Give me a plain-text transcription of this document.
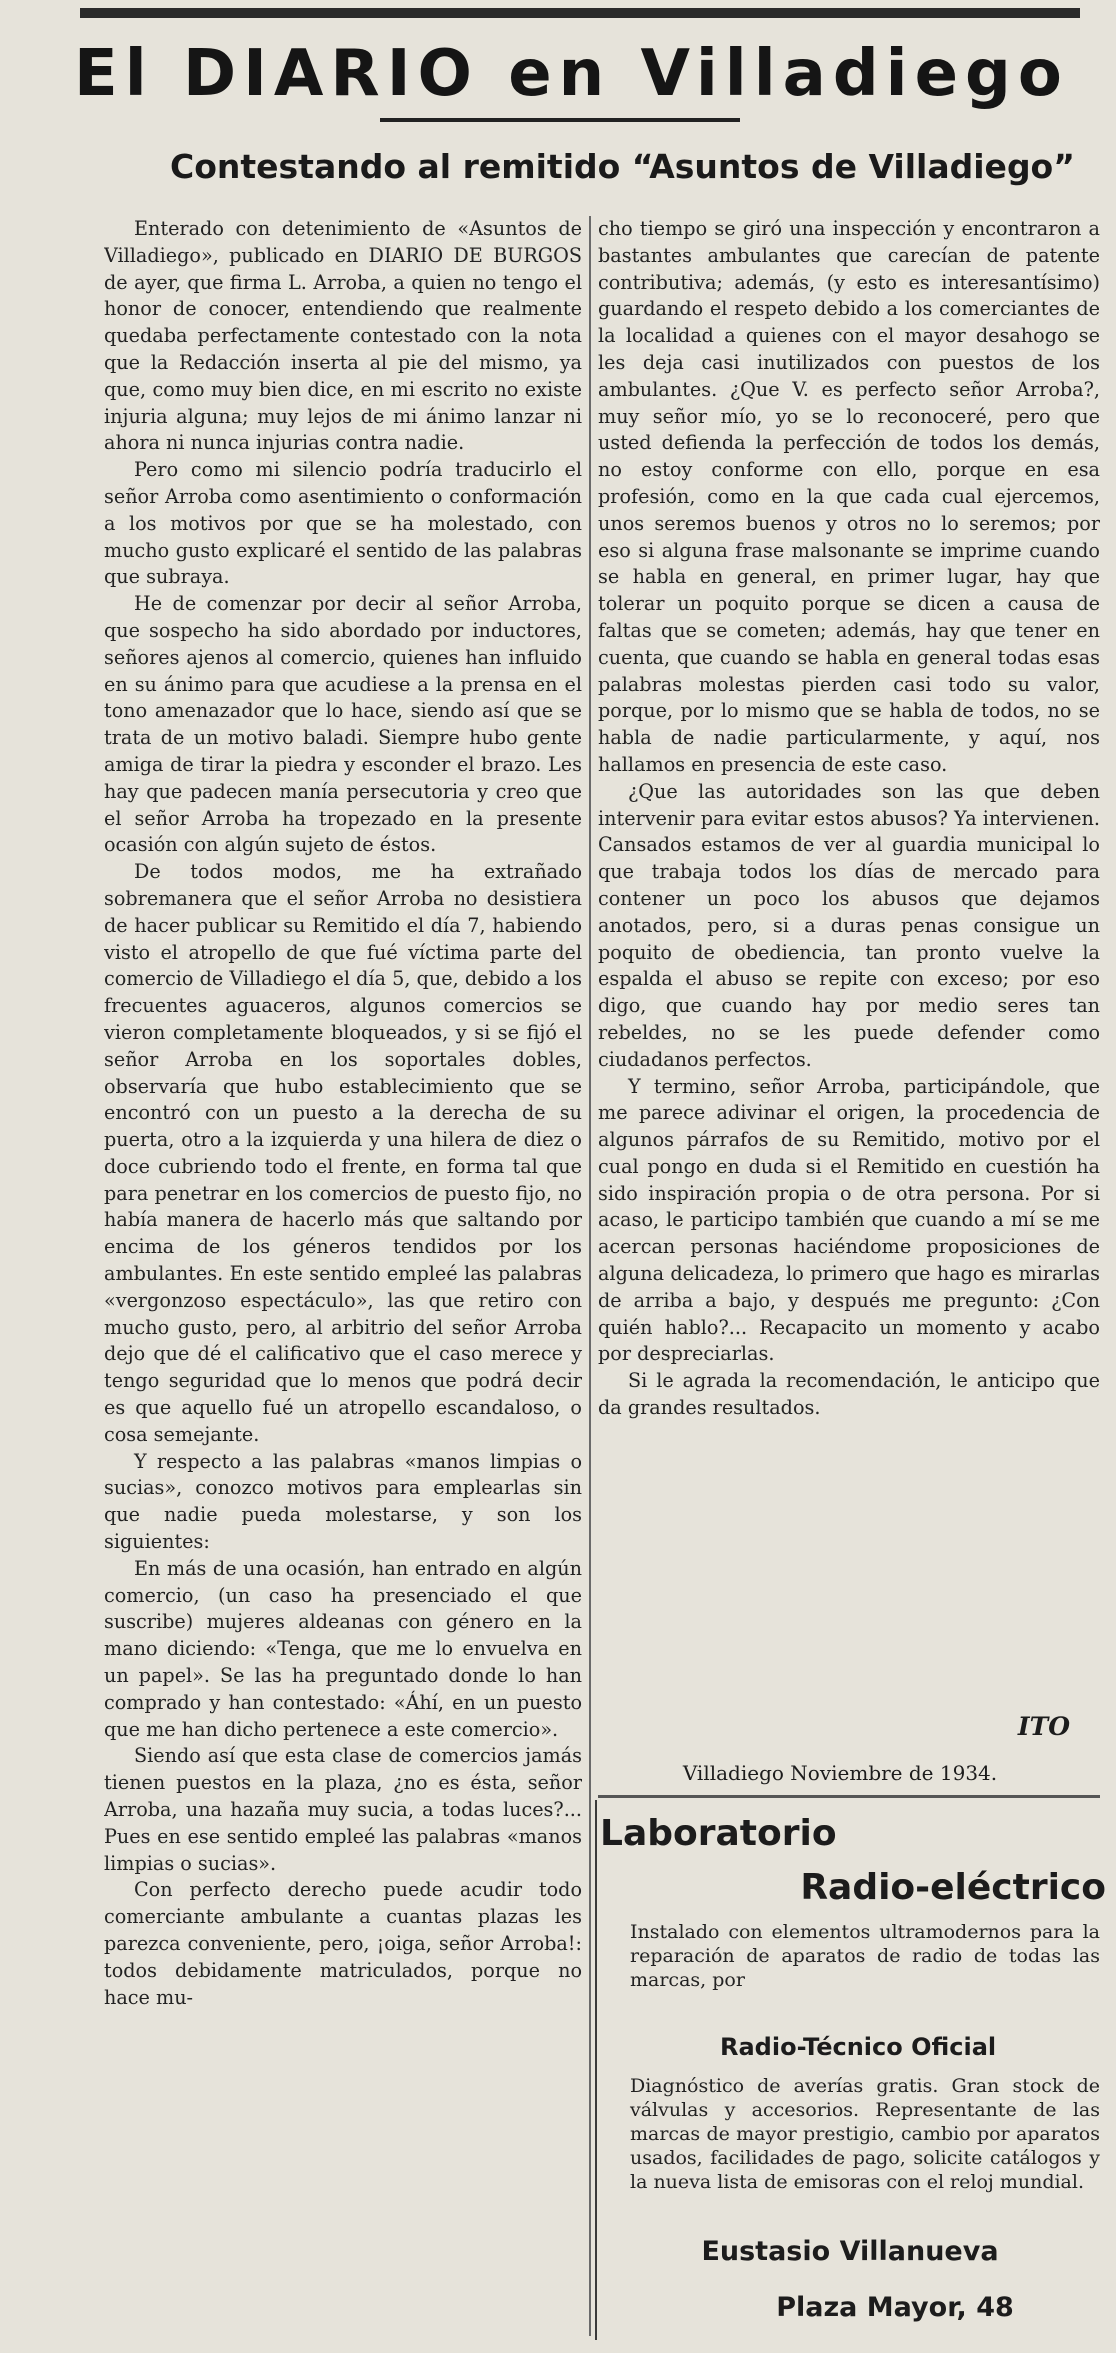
El DIARIO en Villadiego
Contestando al remitido “Asuntos de Villadiego”

Enterado con detenimiento de «Asuntos de Villadiego», publicado en DIARIO DE BURGOS de ayer, que firma L. Arroba, a quien no tengo el honor de conocer, entendiendo que realmente quedaba perfectamente contestado con la nota que la Redacción inserta al pie del mismo, ya que, como muy bien dice, en mi escrito no existe injuria alguna; muy lejos de mi ánimo lanzar ni ahora ni nunca injurias contra nadie.

Pero como mi silencio podría traducirlo el señor Arroba como asentimiento o conformación a los motivos por que se ha molestado, con mucho gusto explicaré el sentido de las palabras que subraya.

He de comenzar por decir al señor Arroba, que sospecho ha sido abordado por inductores, señores ajenos al comercio, quienes han influido en su ánimo para que acudiese a la prensa en el tono amenazador que lo hace, siendo así que se trata de un motivo baladi. Siempre hubo gente amiga de tirar la piedra y esconder el brazo. Les hay que padecen manía persecutoria y creo que el señor Arroba ha tropezado en la presente ocasión con algún sujeto de éstos.

De todos modos, me ha extrañado sobremanera que el señor Arroba no desistiera de hacer publicar su Remitido el día 7, habiendo visto el atropello de que fué víctima parte del comercio de Villadiego el día 5, que, debido a los frecuentes aguaceros, algunos comercios se vieron completamente bloqueados, y si se fijó el señor Arroba en los soportales dobles, observaría que hubo establecimiento que se encontró con un puesto a la derecha de su puerta, otro a la izquierda y una hilera de diez o doce cubriendo todo el frente, en forma tal que para penetrar en los comercios de puesto fijo, no había manera de hacerlo más que saltando por encima de los géneros tendidos por los ambulantes. En este sentido empleé las palabras «vergonzoso espectáculo», las que retiro con mucho gusto, pero, al arbitrio del señor Arroba dejo que dé el calificativo que el caso merece y tengo seguridad que lo menos que podrá decir es que aquello fué un atropello escandaloso, o cosa semejante.

Y respecto a las palabras «manos limpias o sucias», conozco motivos para emplearlas sin que nadie pueda molestarse, y son los siguientes:

En más de una ocasión, han entrado en algún comercio, (un caso ha presenciado el que suscribe) mujeres aldeanas con género en la mano diciendo: «Tenga, que me lo envuelva en un papel». Se las ha preguntado donde lo han comprado y han contestado: «Áhí, en un puesto que me han dicho pertenece a este comercio».

Siendo así que esta clase de comercios jamás tienen puestos en la plaza, ¿no es ésta, señor Arroba, una hazaña muy sucia, a todas luces?... Pues en ese sentido empleé las palabras «manos limpias o sucias».

Con perfecto derecho puede acudir todo comerciante ambulante a cuantas plazas les parezca conveniente, pero, ¡oiga, señor Arroba!: todos debidamente matriculados, porque no hace mu-

cho tiempo se giró una inspección y encontraron a bastantes ambulantes que carecían de patente contributiva; además, (y esto es interesantísimo) guardando el respeto debido a los comerciantes de la localidad a quienes con el mayor desahogo se les deja casi inutilizados con puestos de los ambulantes. ¿Que V. es perfecto señor Arroba?, muy señor mío, yo se lo reconoceré, pero que usted defienda la perfección de todos los demás, no estoy conforme con ello, porque en esa profesión, como en la que cada cual ejercemos, unos seremos buenos y otros no lo seremos; por eso si alguna frase malsonante se imprime cuando se habla en general, en primer lugar, hay que tolerar un poquito porque se dicen a causa de faltas que se cometen; además, hay que tener en cuenta, que cuando se habla en general todas esas palabras molestas pierden casi todo su valor, porque, por lo mismo que se habla de todos, no se habla de nadie particularmente, y aquí, nos hallamos en presencia de este caso.

¿Que las autoridades son las que deben intervenir para evitar estos abusos? Ya intervienen. Cansados estamos de ver al guardia municipal lo que trabaja todos los días de mercado para contener un poco los abusos que dejamos anotados, pero, si a duras penas consigue un poquito de obediencia, tan pronto vuelve la espalda el abuso se repite con exceso; por eso digo, que cuando hay por medio seres tan rebeldes, no se les puede defender como ciudadanos perfectos.

Y termino, señor Arroba, participándole, que me parece adivinar el origen, la procedencia de algunos párrafos de su Remitido, motivo por el cual pongo en duda si el Remitido en cuestión ha sido inspiración propia o de otra persona. Por si acaso, le participo también que cuando a mí se me acercan personas haciéndome proposiciones de alguna delicadeza, lo primero que hago es mirarlas de arriba a bajo, y después me pregunto: ¿Con quién hablo?... Recapacito un momento y acabo por despreciarlas.

Si le agrada la recomendación, le anticipo que da grandes resultados.

ITO
Villadiego Noviembre de 1934.
Laboratorio
Radio-eléctrico
Instalado con elementos ultramodernos para la reparación de aparatos de radio de todas las marcas, por
Radio-Técnico Oficial
Diagnóstico de averías gratis. Gran stock de válvulas y accesorios. Representante de las marcas de mayor prestigio, cambio por aparatos usados, facilidades de pago, solicite catálogos y la nueva lista de emisoras con el reloj mundial.
Eustasio Villanueva
Plaza Mayor, 48
